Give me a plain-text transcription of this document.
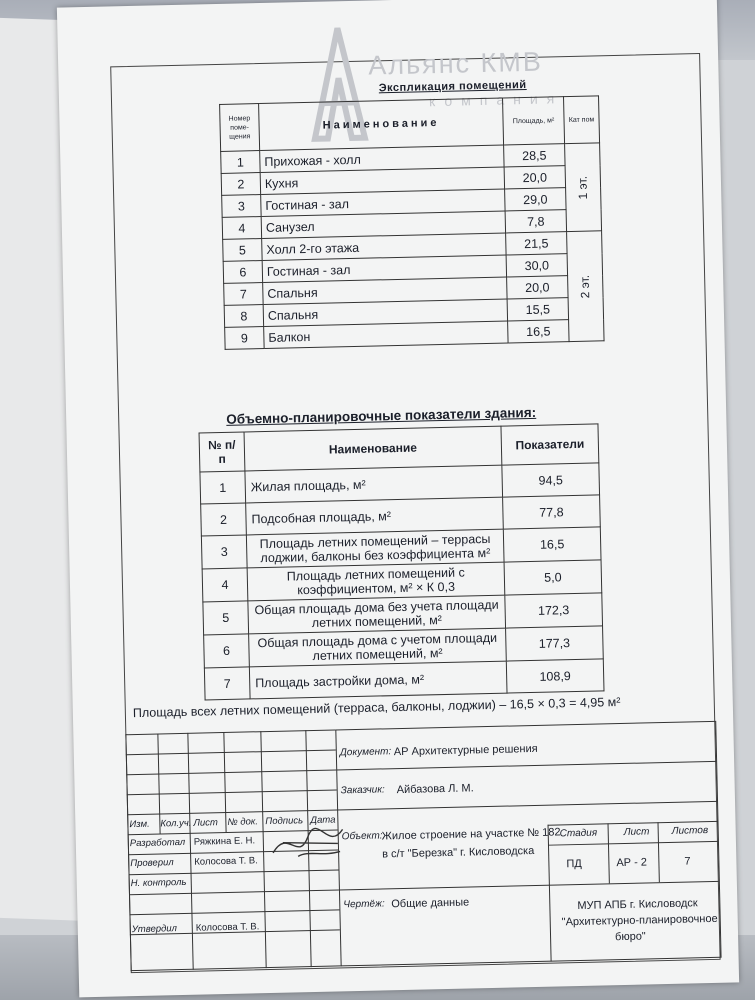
Альянс КМВ
компания
Экспликация помещений
Номер поме- щения	Наименование	Площадь, м²	Кат пом
1	Прихожая - холл	28,5	1 эт.
2	Кухня	20,0	
3	Гостиная - зал	29,0	
4	Санузел	7,8	
5	Холл 2-го этажа	21,5	2 эт.
6	Гостиная - зал	30,0	
7	Спальня	20,0	
8	Спальня	15,5	
9	Балкон	16,5	
Объемно-планировочные показатели здания:
№ п/п	Наименование	Показатели
1	Жилая площадь, м²	94,5
2	Подсобная площадь, м²	77,8
3	Площадь летних помещений – террасы лоджии, балконы без коэффициента м²	16,5
4	Площадь летних помещений с коэффициентом, м² × К 0,3	5,0
5	Общая площадь дома без учета площади летних помещений, м²	172,3
6	Общая площадь дома с учетом площади летних помещений, м²	177,3
7	Площадь застройки дома, м²	108,9
Площадь всех летних помещений (терраса, балконы, лоджии) – 16,5 × 0,3 = 4,95 м²
Изм. Кол.уч. Лист № док. Подпись Дата
Разработал Ряжкина Е. Н.
Проверил Колосова Т. В.
Н. контроль
Утвердил Колосова Т. В.
Документ: АР Архитектурные решения
Заказчик: Айбазова Л. М.
Объект:
Жилое строение на участке № 182
в с/т "Березка" г. Кисловодска
Чертёж: Общие данные
Стадия	Лист Листов
ПД	АР - 2	7
МУП АПБ г. Кисловодск
"Архитектурно-планировочное
бюро"
